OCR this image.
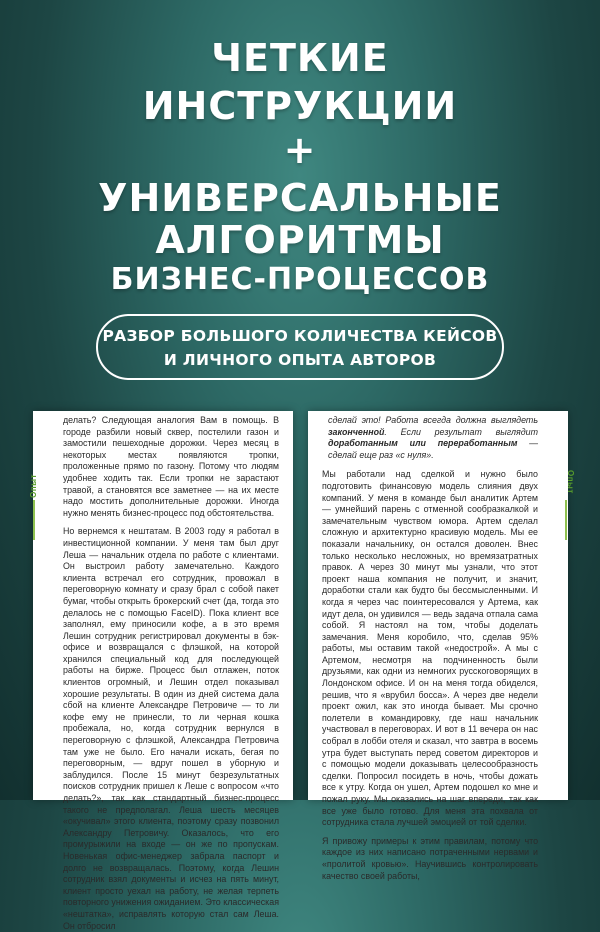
ЧЕТКИЕ
ИНСТРУКЦИИ
+
УНИВЕРСАЛЬНЫЕ
АЛГОРИТМЫ
БИЗНЕС-ПРОЦЕССОВ
РАЗБОР БОЛЬШОГО КОЛИЧЕСТВА КЕЙСОВ
И ЛИЧНОГО ОПЫТА АВТОРОВ

делать? Следующая аналогия Вам в помощь. В городе разбили новый сквер, постелили газон и замостили пешеходные дорожки. Через месяц в некоторых местах появляются тропки, проложенные прямо по газону. Потому что людям удобнее ходить так. Если тропки не зарастают травой, а становятся все заметнее — на их месте надо мостить дополнительные дорожки. Иногда нужно менять бизнес-процесс под обстоятельства.

Но вернемся к нештатам. В 2003 году я работал в инвестиционной компании. У меня там был друг Леша — начальник отдела по работе с клиентами. Он выстроил работу замечательно. Каждого клиента встречал его сотрудник, провожал в переговорную комнату и сразу брал с собой пакет бумаг, чтобы открыть брокерский счет (да, тогда это делалось не с помощью FaceID). Пока клиент все заполнял, ему приносили кофе, а в это время Лешин сотрудник регистрировал документы в бэк-офисе и возвращался с флэшкой, на которой хранился специальный код для последующей работы на бирже. Процесс был отлажен, поток клиентов огромный, и Лешин отдел показывал хорошие результаты. В один из дней система дала сбой на клиенте Александре Петровиче — то ли кофе ему не принесли, то ли черная кошка пробежала, но, когда сотрудник вернулся в переговорную с флэшкой, Александра Петровича там уже не было. Его начали искать, бегая по переговорным, — вдруг пошел в уборную и заблудился. После 15 минут безрезультатных поисков сотрудник пришел к Леше с вопросом «что делать?», так как стандартный бизнес-процесс такого не предполагал. Леша шесть месяцев «окучивал» этого клиента, поэтому сразу позвонил Александру Петровичу. Оказалось, что его промурыжили на входе — он же по пропускам. Новенькая офис-менеджер забрала паспорт и долго не возвращалась. Поэтому, когда Лешин сотрудник взял документы и исчез на пять минут, клиент просто уехал на работу, не желая терпеть повторного унижения ожиданием. Это классическая «нештатка», исправлять которую стал сам Леша. Он отбросил

Опыт

сделай это! Работа всегда должна выглядеть законченной. Если результат выглядит доработанным или переработанным — сделай еще раз «с нуля».

Мы работали над сделкой и нужно было подготовить финансовую модель слияния двух компаний. У меня в команде был аналитик Артем — умнейший парень с отменной сообразкалкой и замечательным чувством юмора. Артем сделал сложную и архитектурно красивую модель. Мы ее показали начальнику, он остался доволен. Внес только несколько несложных, но времязатратных правок. А через 30 минут мы узнали, что этот проект наша компания не получит, и значит, доработки стали как будто бы бессмысленными. И когда я через час поинтересовался у Артема, как идут дела, он удивился — ведь задача отпала сама собой. Я настоял на том, чтобы доделать замечания. Меня коробило, что, сделав 95% работы, мы оставим такой «недострой». А мы с Артемом, несмотря на подчиненность были друзьями, как одни из немногих русскоговорящих в Лондонском офисе. И он на меня тогда обиделся, решив, что я «врубил босса». А через две недели проект ожил, как это иногда бывает. Мы срочно полетели в командировку, где наш начальник участвовал в переговорах. И вот в 11 вечера он нас собрал в лобби отеля и сказал, что завтра в восемь утра будет выступать перед советом директоров и с помощью модели доказывать целесообразность сделки. Попросил посидеть в ночь, чтобы дожать все к утру. Когда он ушел, Артем подошел ко мне и пожал руку. Мы оказались на шаг впереди, так как все уже было готово. Для меня эта похвала от сотрудника стала лучшей эмоцией от той сделки.

Я привожу примеры к этим правилам, потому что каждое из них написано потраченными нервами и «пролитой кровью». Научившись контролировать качество своей работы,

Опыт
